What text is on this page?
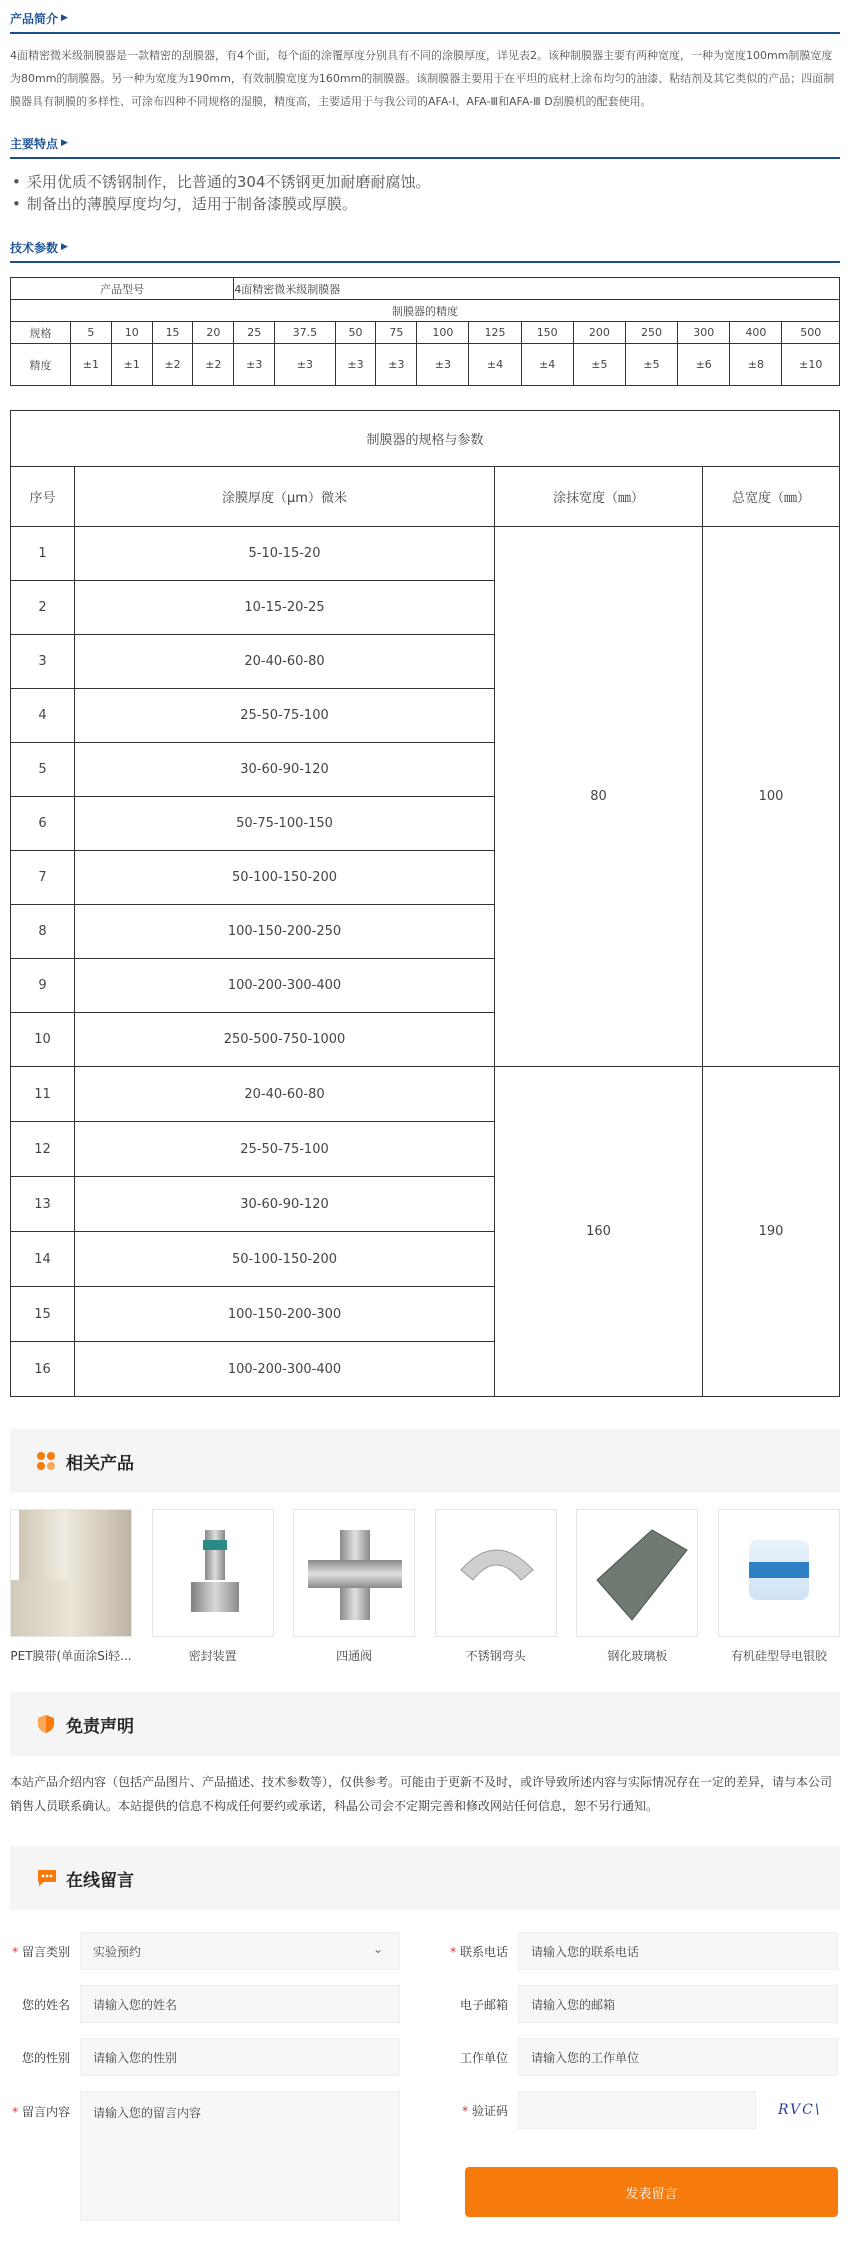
产品简介 ▶

4面精密微米级制膜器是一款精密的刮膜器，有4个面，每个面的涂覆厚度分别具有不同的涂膜厚度，详见表2。该种制膜器主要有两种宽度，一种为宽度100mm制膜宽度为80mm的制膜器。另一种为宽度为190mm，有效制膜宽度为160mm的制膜器。该制膜器主要用于在平坦的底材上涂布均匀的油漆、粘结剂及其它类似的产品；四面制膜器具有制膜的多样性、可涂布四种不同规格的湿膜，精度高，主要适用于与我公司的AFA-Ⅰ、AFA-Ⅲ和AFA-Ⅲ D刮膜机的配套使用。

主要特点 ▶
• 采用优质不锈钢制作，比普通的304不锈钢更加耐磨耐腐蚀。
• 制备出的薄膜厚度均匀，适用于制备漆膜或厚膜。
技术参数 ▶
产品型号					4面精密微米级制膜器											
制膜器的精度																
规格	5	10	15	20	25	37.5	50	75	100	125	150	200	250	300	400	500
精度	±1	±1	±2	±2	±3	±3	±3	±3	±3	±4	±4	±5	±5	±6	±8	±10
制膜器的规格与参数			
序号	涂膜厚度（μm）微米	涂抹宽度（㎜）	总宽度（㎜）
1	5-10-15-20	80	100
2	10-15-20-25		
3	20-40-60-80		
4	25-50-75-100		
5	30-60-90-120		
6	50-75-100-150		
7	50-100-150-200		
8	100-150-200-250		
9	100-200-300-400		
10	250-500-750-1000		
11	20-40-60-80	160	190
12	25-50-75-100		
13	30-60-90-120		
14	50-100-150-200		
15	100-150-200-300		
16	100-200-300-400		
相关产品
PET膜带(单面涂Si轻...	密封装置	四通阀	不锈钢弯头	钢化玻璃板	有机硅型导电银胶
免责声明

本站产品介绍内容（包括产品图片、产品描述、技术参数等），仅供参考。可能由于更新不及时，或许导致所述内容与实际情况存在一定的差异，请与本公司销售人员联系确认。本站提供的信息不构成任何要约或承诺，科晶公司会不定期完善和修改网站任何信息，恕不另行通知。

在线留言
* 留言类别 实验预约	⌄	* 联系电话	请输入您的联系电话
您的姓名	请输入您的姓名	电子邮箱	请输入您的邮箱
您的性别	请输入您的性别	工作单位	请输入您的工作单位
* 留言内容	请输入您的留言内容	* 验证码	RVC\
发表留言
